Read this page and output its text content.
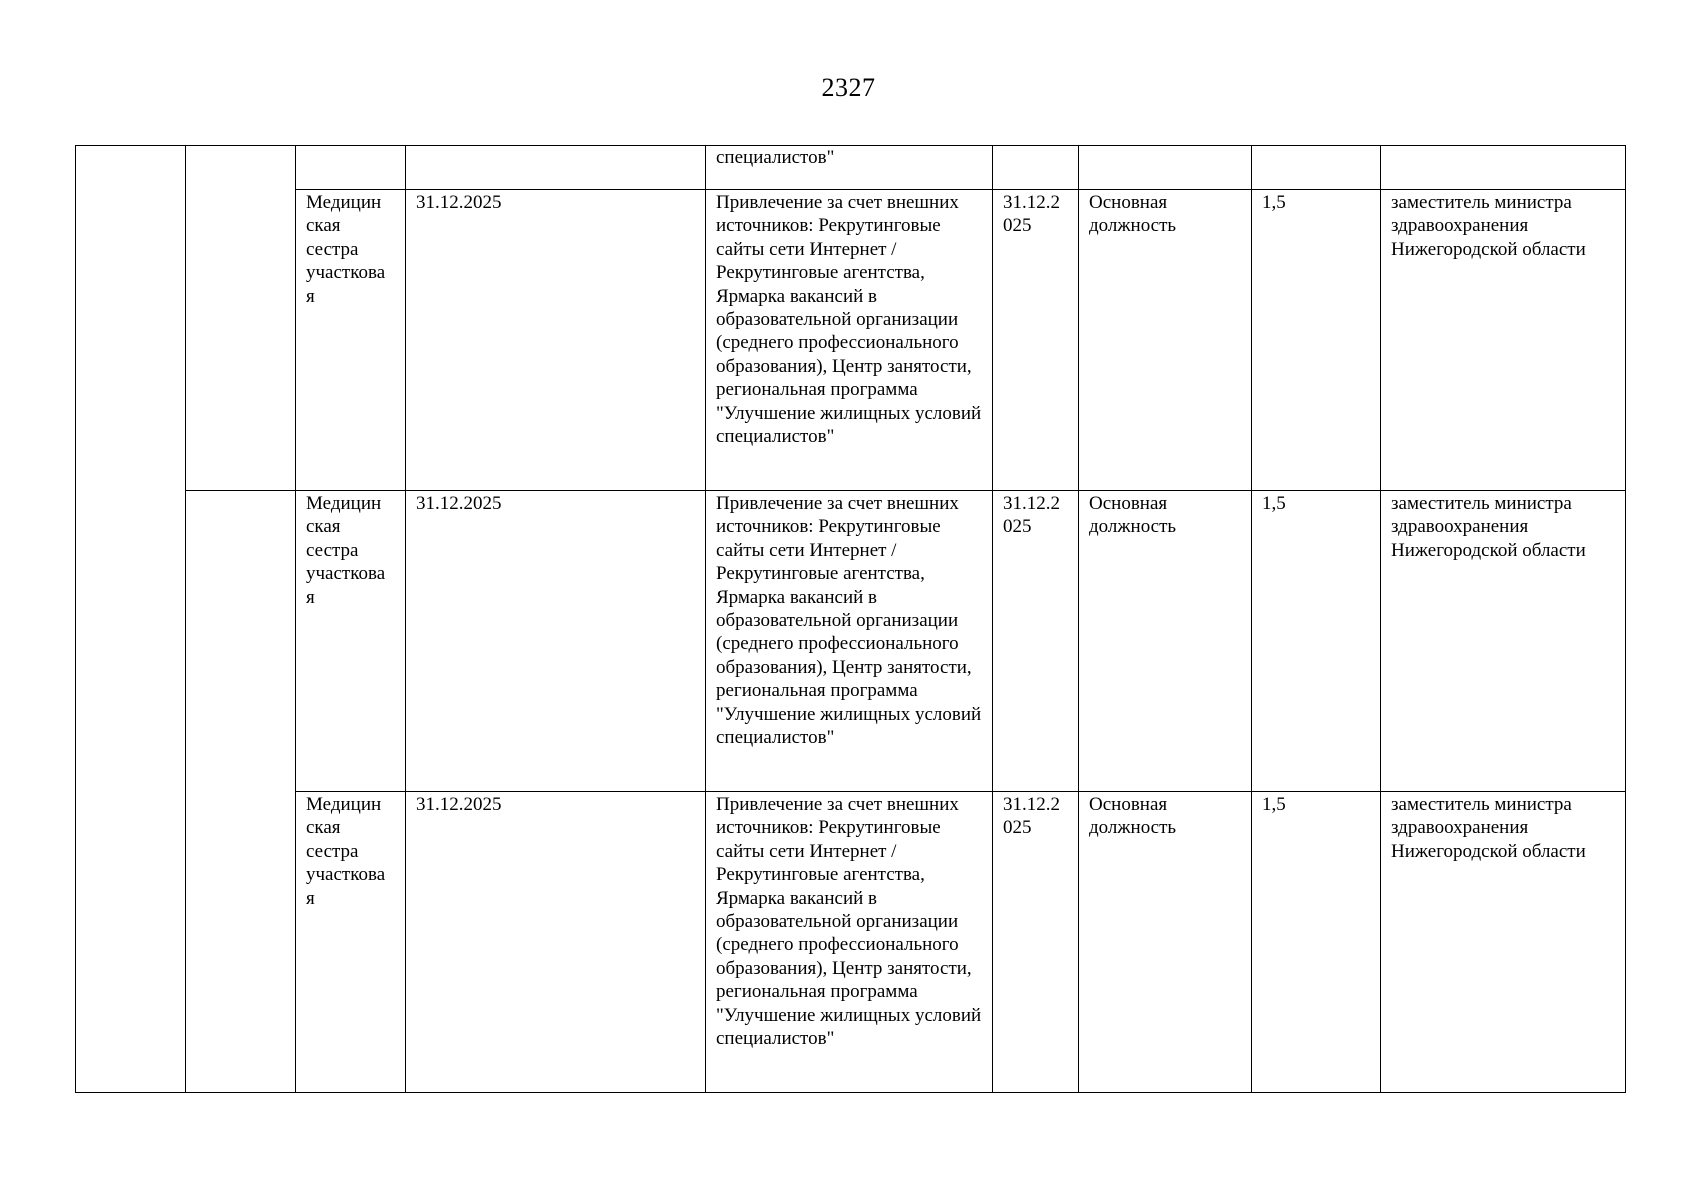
2327
				специалистов"				
		Медицин ская сестра участкова я	31.12.2025	Привлечение за счет внешних источников: Рекрутинговые сайты сети Интернет / Рекрутинговые агентства, Ярмарка вакансий в образовательной организации (среднего профессионального образования), Центр занятости, региональная программа "Улучшение жилищных условий специалистов"	31.12.2 025	Основная должность	1,5	заместитель министра здравоохранения Нижегородской области
		Медицин ская сестра участкова я	31.12.2025	Привлечение за счет внешних источников: Рекрутинговые сайты сети Интернет / Рекрутинговые агентства, Ярмарка вакансий в образовательной организации (среднего профессионального образования), Центр занятости, региональная программа "Улучшение жилищных условий специалистов"	31.12.2 025	Основная должность	1,5	заместитель министра здравоохранения Нижегородской области
		Медицин ская сестра участкова я	31.12.2025	Привлечение за счет внешних источников: Рекрутинговые сайты сети Интернет / Рекрутинговые агентства, Ярмарка вакансий в образовательной организации (среднего профессионального образования), Центр занятости, региональная программа "Улучшение жилищных условий специалистов"	31.12.2 025	Основная должность	1,5	заместитель министра здравоохранения Нижегородской области
